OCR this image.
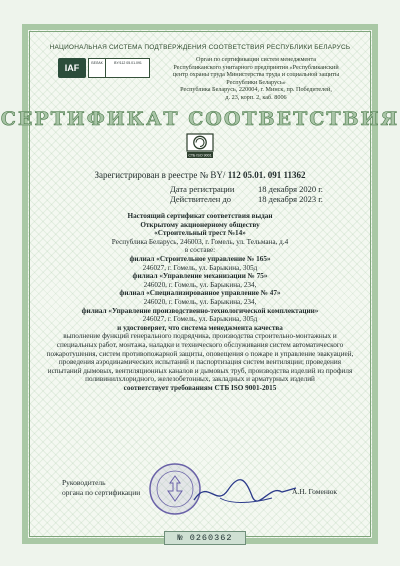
НАЦИОНАЛЬНАЯ СИСТЕМА ПОДТВЕРЖДЕНИЯ СООТВЕТСТВИЯ РЕСПУБЛИКИ БЕЛАРУСЬ
IAF	БЕЛАК	BY/112 05.01.091	Орган по сертификации систем менеджмента
Республиканского унитарного предприятия «Республиканский
центр охраны труда Министерства труда и социальной защиты
Республики Беларусь»
Республика Беларусь, 220004, г. Минск, пр. Победителей,
д. 23, корп. 2, каб. 8006
СЕРТИФИКАТ СООТВЕТСТВИЯ
СТБ ISO 9001
Зарегистрирован в реестре № BY/ 112 05.01. 091 11362
Дата регистрации	18 декабря 2020 г.
Действителен до	18 декабря 2023 г.
Настоящий сертификат соответствия выдан
Открытому акционерному обществу
«Строительный трест №14»
Республика Беларусь, 246003, г. Гомель, ул. Тельмана, д.4
в составе:
филиал «Строительное управление № 165»
246027, г. Гомель, ул. Барыкина, 305д
филиал «Управление механизации № 75»
246020, г. Гомель, ул. Барыкина, 234,
филиал «Специализированное управление № 47»
246020, г. Гомель, ул. Барыкина, 234,
филиал «Управление производственно-технологической комплектации»
246027, г. Гомель, ул. Барыкина, 305д
и удостоверяет, что система менеджмента качества
выполнение функций генерального подрядчика, производства строительно-монтажных и специальных работ, монтажа, наладки и технического обслуживания систем автоматического пожаротушения, систем противопожарной защиты, оповещения о пожаре и управление эвакуацией, проведения аэродинамических испытаний и паспортизация систем вентиляции; проведения испытаний дымовых, вентиляционных каналов и дымовых труб, производства изделий из профиля поливинилхлоридного, железобетонных, закладных и арматурных изделий
соответствует требованиям СТБ ISO 9001-2015
Руководитель
органа по сертификации	А.Н. Гоменюк
№ 0260362
